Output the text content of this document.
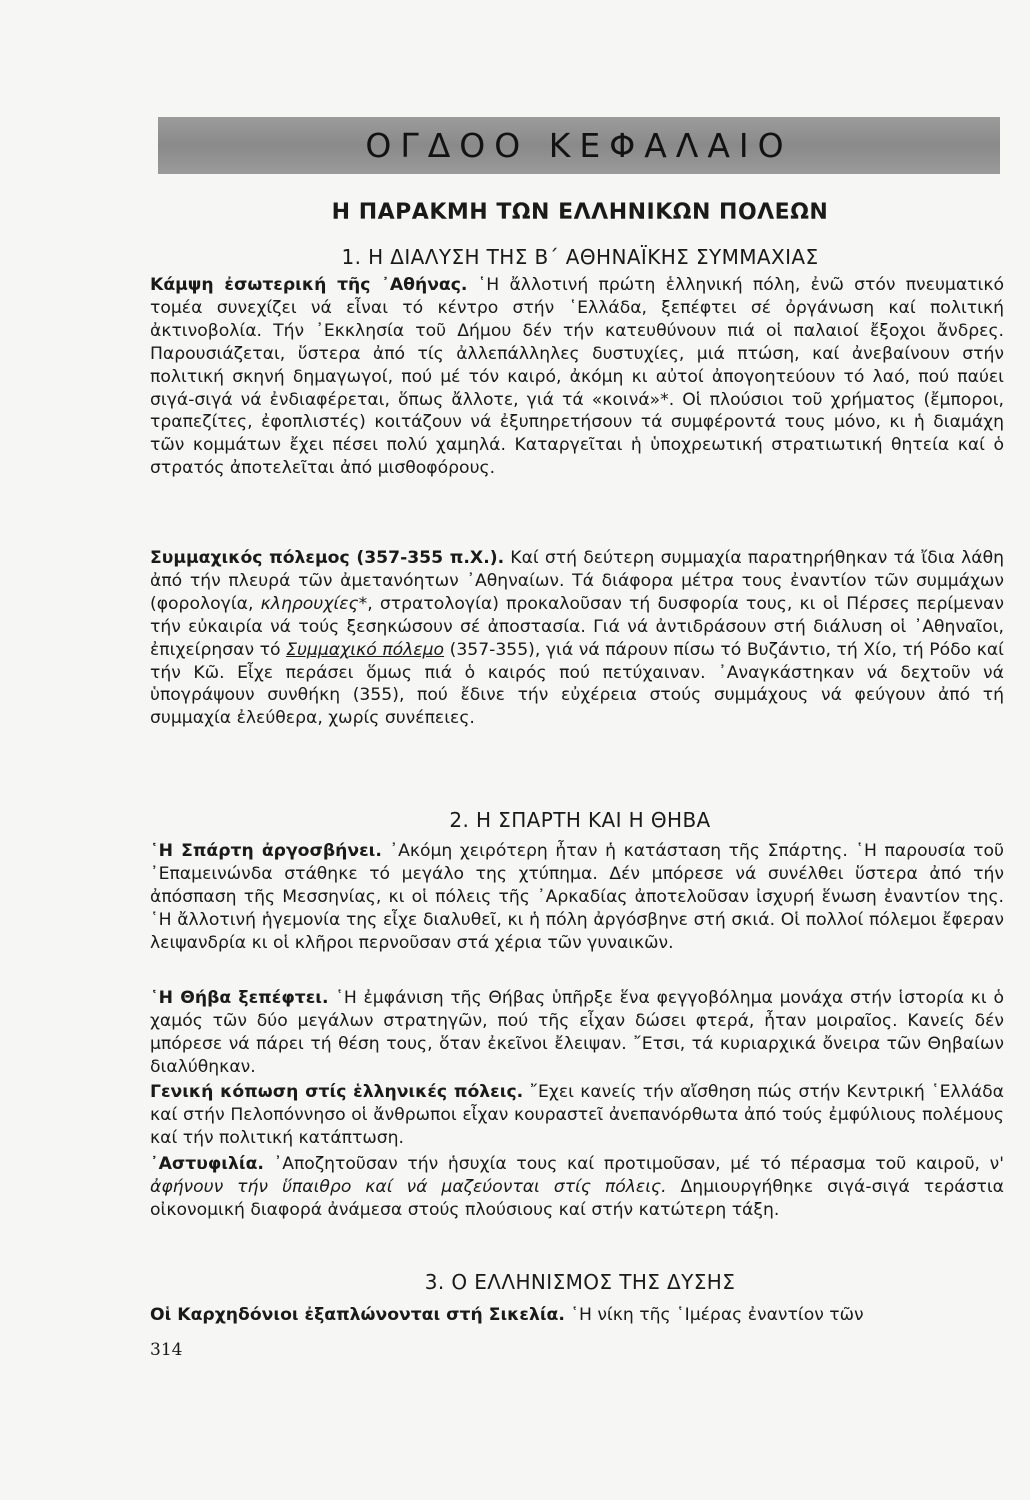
ΟΓΔΟΟ ΚΕΦΑΛΑΙΟ
Η ΠΑΡΑΚΜΗ ΤΩΝ ΕΛΛΗΝΙΚΩΝ ΠΟΛΕΩΝ
1. Η ΔΙΑΛΥΣΗ ΤΗΣ Β΄ ΑΘΗΝΑΪΚΗΣ ΣΥΜΜΑΧΙΑΣ

Κάμψη ἐσωτερική τῆς ᾿Αθήνας. ῾Η ἄλλοτινή πρώτη ἑλληνική πόλη, ἐνῶ στόν πνευματικό τομέα συνεχίζει νά εἶναι τό κέντρο στήν ῾Ελλάδα, ξεπέφτει σέ ὀργάνωση καί πολιτική ἀκτινοβολία. Τήν ᾿Εκκλησία τοῦ Δήμου δέν τήν κατευθύνουν πιά οἱ παλαιοί ἔξοχοι ἄνδρες. Παρουσιάζεται, ὕστερα ἀπό τίς ἀλλεπάλληλες δυστυχίες, μιά πτώση, καί ἀνεβαίνουν στήν πολιτική σκηνή δημαγωγοί, πού μέ τόν καιρό, ἀκόμη κι αὐτοί ἀπογοητεύουν τό λαό, πού παύει σιγά-σιγά νά ἐνδιαφέρεται, ὅπως ἄλλοτε, γιά τά «κοινά»*. Οἱ πλούσιοι τοῦ χρήματος (ἔμποροι, τραπεζίτες, ἐφοπλιστές) κοιτάζουν νά ἐξυπηρετήσουν τά συμφέροντά τους μόνο, κι ἡ διαμάχη τῶν κομμάτων ἔχει πέσει πολύ χαμηλά. Καταργεῖται ἡ ὑποχρεωτική στρατιωτική θητεία καί ὁ στρατός ἀποτελεῖται ἀπό μισθοφόρους.

Συμμαχικός πόλεμος (357-355 π.Χ.). Καί στή δεύτερη συμμαχία παρατηρήθηκαν τά ἴδια λάθη ἀπό τήν πλευρά τῶν ἀμετανόητων ᾿Αθηναίων. Τά διάφορα μέτρα τους ἐναντίον τῶν συμμάχων (φορολογία, κληρουχίες*, στρατολογία) προκαλοῦσαν τή δυσφορία τους, κι οἱ Πέρσες περίμεναν τήν εὐκαιρία νά τούς ξεσηκώσουν σέ ἀποστασία. Γιά νά ἀντιδράσουν στή διάλυση οἱ ᾿Αθηναῖοι, ἐπιχείρησαν τό Συμμαχικό πόλεμο (357-355), γιά νά πάρουν πίσω τό Βυζάντιο, τή Χίο, τή Ρόδο καί τήν Κῶ. Εἶχε περάσει ὅμως πιά ὁ καιρός πού πετύχαιναν. ᾿Αναγκάστηκαν νά δεχτοῦν νά ὑπογράψουν συνθήκη (355), πού ἔδινε τήν εὐχέρεια στούς συμμάχους νά φεύγουν ἀπό τή συμμαχία ἐλεύθερα, χωρίς συνέπειες.

2. Η ΣΠΑΡΤΗ ΚΑΙ Η ΘΗΒΑ

῾Η Σπάρτη ἀργοσβήνει. ᾿Ακόμη χειρότερη ἦταν ἡ κατάσταση τῆς Σπάρτης. ῾Η παρουσία τοῦ ᾿Επαμεινώνδα στάθηκε τό μεγάλο της χτύπημα. Δέν μπόρεσε νά συνέλθει ὕστερα ἀπό τήν ἀπόσπαση τῆς Μεσσηνίας, κι οἱ πόλεις τῆς ᾿Αρκαδίας ἀποτελοῦσαν ἰσχυρή ἕνωση ἐναντίον της. ῾Η ἄλλοτινή ἡγεμονία της εἶχε διαλυθεῖ, κι ἡ πόλη ἀργόσβηνε στή σκιά. Οἱ πολλοί πόλεμοι ἔφεραν λειψανδρία κι οἱ κλῆροι περνοῦσαν στά χέρια τῶν γυναικῶν.

῾Η Θήβα ξεπέφτει. ῾Η ἐμφάνιση τῆς Θήβας ὑπῆρξε ἕνα φεγγοβόλημα μονάχα στήν ἱστορία κι ὁ χαμός τῶν δύο μεγάλων στρατηγῶν, πού τῆς εἶχαν δώσει φτερά, ἦταν μοιραῖος. Κανείς δέν μπόρεσε νά πάρει τή θέση τους, ὅταν ἐκεῖνοι ἔλειψαν. ῎Ετσι, τά κυριαρχικά ὄνειρα τῶν Θηβαίων διαλύθηκαν.

Γενική κόπωση στίς ἑλληνικές πόλεις. ῎Εχει κανείς τήν αἴσθηση πώς στήν Κεντρική ῾Ελλάδα καί στήν Πελοπόννησο οἱ ἄνθρωποι εἶχαν κουραστεῖ ἀνεπανόρθωτα ἀπό τούς ἐμφύλιους πολέμους καί τήν πολιτική κατάπτωση.

᾿Αστυφιλία. ᾿Αποζητοῦσαν τήν ἡσυχία τους καί προτιμοῦσαν, μέ τό πέρασμα τοῦ καιροῦ, ν' ἀφήνουν τήν ὕπαιθρο καί νά μαζεύονται στίς πόλεις. Δημιουργήθηκε σιγά-σιγά τεράστια οἰκονομική διαφορά ἀνάμεσα στούς πλούσιους καί στήν κατώτερη τάξη.

3. Ο ΕΛΛΗΝΙΣΜΟΣ ΤΗΣ ΔΥΣΗΣ

Οἱ Καρχηδόνιοι ἐξαπλώνονται στή Σικελία. ῾Η νίκη τῆς ῾Ιμέρας ἐναντίον τῶν

314
